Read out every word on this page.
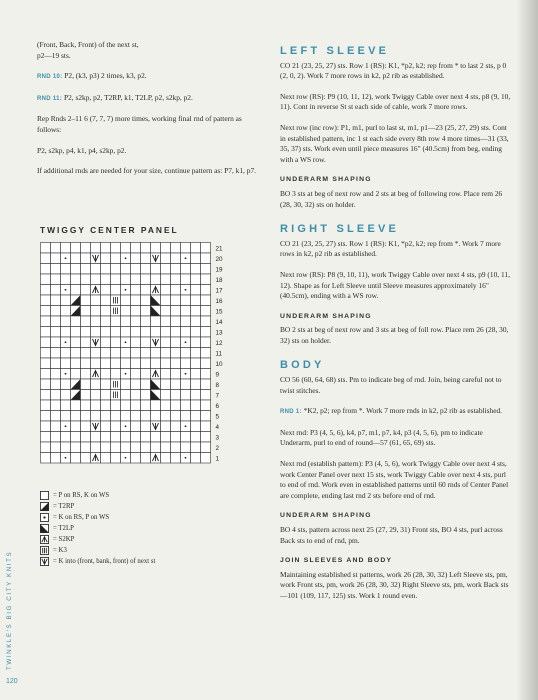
(Front, Back, Front) of the next st,
p2—19 sts.

RND 10: P2, (k3, p3) 2 times, k3, p2.

RND 11: P2, s2kp, p2, T2RP, k1, T2LP, p2, s2kp, p2.

Rep Rnds 2–11 6 (7, 7, 7) more times, working final rnd of pattern as follows:

P2, s2kp, p4, k1, p4, s2kp, p2.

If additional rnds are needed for your size, continue pattern as: P7, k1, p7.

TWIGGY CENTER PANEL
21
20
19
18
17
16
15
14
13
12
11
10
9
8
7
6
5
4
3
2
1
= P on RS, K on WS
= T2RP
= K on RS, P on WS
= T2LP
= S2KP
= K3
= K into (front, bank, front) of next st
LEFT SLEEVE

CO 21 (23, 25, 27) sts. Row 1 (RS): K1, *p2, k2; rep from * to last 2 sts, p 0 (2, 0, 2). Work 7 more rows in k2, p2 rib as established.

Next row (RS): P9 (10, 11, 12), work Twiggy Cable over next 4 sts, p8 (9, 10, 11). Cont in reverse St st each side of cable, work 7 more rows.

Next row (inc row): P1, m1, purl to last st, m1, p1—23 (25, 27, 29) sts. Cont in established pattern, inc 1 st each side every 8th row 4 more times—31 (33, 35, 37) sts. Work even until piece measures 16" (40.5cm) from beg, ending with a WS row.

UNDERARM SHAPING

BO 3 sts at beg of next row and 2 sts at beg of following row. Place rem 26 (28, 30, 32) sts on holder.

RIGHT SLEEVE

CO 21 (23, 25, 27) sts. Row 1 (RS): K1, *p2, k2; rep from *. Work 7 more rows in k2, p2 rib as established.

Next row (RS): P8 (9, 10, 11), work Twiggy Cable over next 4 sts, p9 (10, 11, 12). Shape as for Left Sleeve until Sleeve measures approximately 16" (40.5cm), ending with a WS row.

UNDERARM SHAPING

BO 2 sts at beg of next row and 3 sts at beg of foll row. Place rem 26 (28, 30, 32) sts on holder.

BODY

CO 56 (60, 64, 68) sts. Pm to indicate beg of rnd. Join, being careful not to twist stitches.

RND 1: *K2, p2; rep from *. Work 7 more rnds in k2, p2 rib as established.

Next rnd: P3 (4, 5, 6), k4, p7, m1, p7, k4, p3 (4, 5, 6), pm to indicate Underarm, purl to end of round—57 (61, 65, 69) sts.

Next rnd (establish pattern): P3 (4, 5, 6), work Twiggy Cable over next 4 sts, work Center Panel over next 15 sts, work Twiggy Cable over next 4 sts, purl to end of rnd. Work even in established patterns until 60 rnds of Center Panel are complete, ending last rnd 2 sts before end of rnd.

UNDERARM SHAPING

BO 4 sts, pattern across next 25 (27, 29, 31) Front sts, BO 4 sts, purl across Back sts to end of rnd, pm.

JOIN SLEEVES AND BODY

Maintaining established st patterns, work 26 (28, 30, 32) Left Sleeve sts, pm, work Front sts, pm, work 26 (28, 30, 32) Right Sleeve sts, pm, work Back sts—101 (109, 117, 125) sts. Work 1 round even.

TWINKLE'S BIG CITY KNITS
120
